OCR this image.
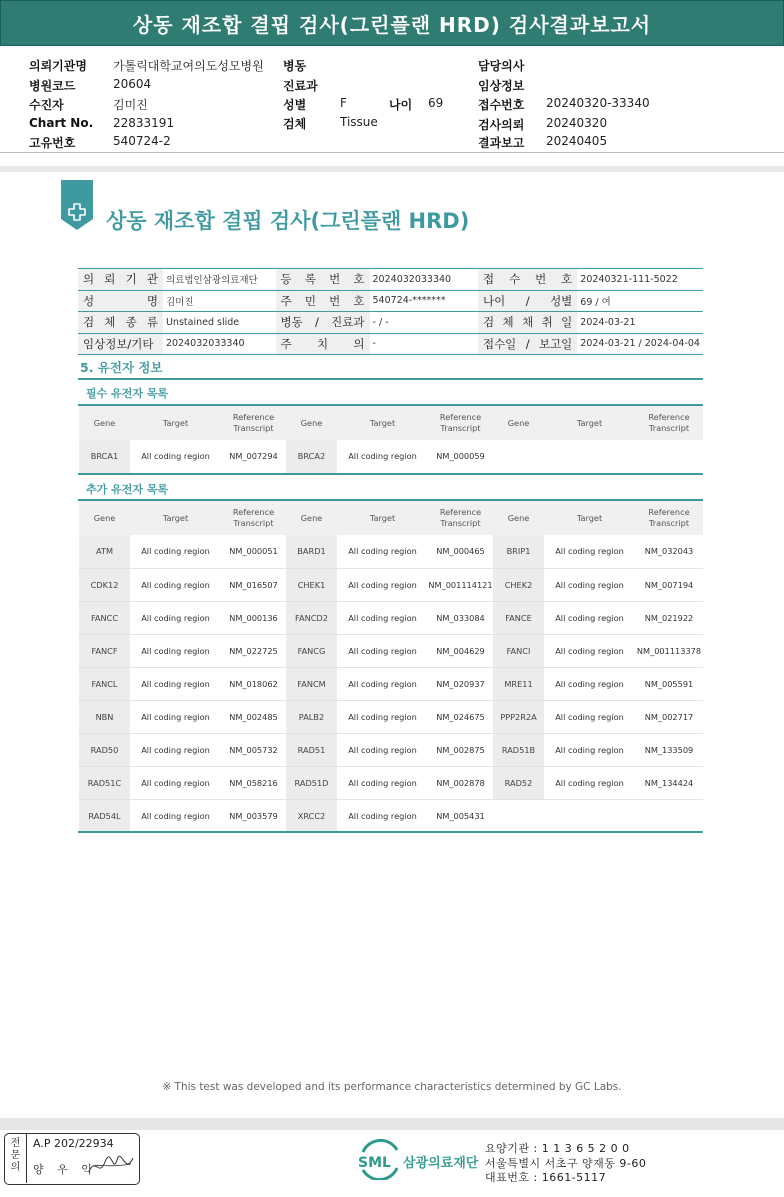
상동 재조합 결핍 검사(그린플랜 HRD) 검사결과보고서
의뢰기관명 가톨릭대학교여의도성모병원
병원코드	20604
수진자	김미진
Chart No. 22833191
고유번호	540724-2
병동
진료과
성별	F	나이 69
검체	Tissue
담당의사
임상정보
접수번호 20240320-33340
검사의뢰 20240320
결과보고 20240405
상동 재조합 결핍 검사(그린플랜 HRD)
의 뢰 기 관	의료법인삼광의료재단	등 록 번 호	2024032033340	접 수 번 호	20240321-111-5022
성 명	김미진	주 민 번 호	540724-*******	나이 / 성별	69 / 여
검 체 종 류	Unstained slide	병동 / 진료과	- / -	검 체 채 취 일	2024-03-21
임상정보/기타	2024032033340	주 치 의	-	접수일 / 보고일	2024-03-21 / 2024-04-04
5. 유전자 정보
필수 유전자 목록
Gene	Target	Reference
Transcript	Gene	Target	Reference
Transcript	Gene	Target	Reference
Transcript
BRCA1	All coding region	NM_007294	BRCA2	All coding region	NM_000059			
추가 유전자 목록
Gene	Target	Reference
Transcript	Gene	Target	Reference
Transcript	Gene	Target	Reference
Transcript
ATM	All coding region	NM_000051	BARD1	All coding region	NM_000465	BRIP1	All coding region	NM_032043
CDK12	All coding region	NM_016507	CHEK1	All coding region	NM_001114121	CHEK2	All coding region	NM_007194
FANCC	All coding region	NM_000136	FANCD2	All coding region	NM_033084	FANCE	All coding region	NM_021922
FANCF	All coding region	NM_022725	FANCG	All coding region	NM_004629	FANCI	All coding region	NM_001113378
FANCL	All coding region	NM_018062	FANCM	All coding region	NM_020937	MRE11	All coding region	NM_005591
NBN	All coding region	NM_002485	PALB2	All coding region	NM_024675	PPP2R2A	All coding region	NM_002717
RAD50	All coding region	NM_005732	RAD51	All coding region	NM_002875	RAD51B	All coding region	NM_133509
RAD51C	All coding region	NM_058216	RAD51D	All coding region	NM_002878	RAD52	All coding region	NM_134424
RAD54L	All coding region	NM_003579	XRCC2	All coding region	NM_005431			
※ This test was developed and its performance characteristics determined by GC Labs.
전
문
의
A.P 202/22934
양 우 익	SML 삼광의료재단
요양기관 : 1 1 3 6 5 2 0 0
서울특별시 서초구 양재동 9-60
대표번호 : 1661-5117
